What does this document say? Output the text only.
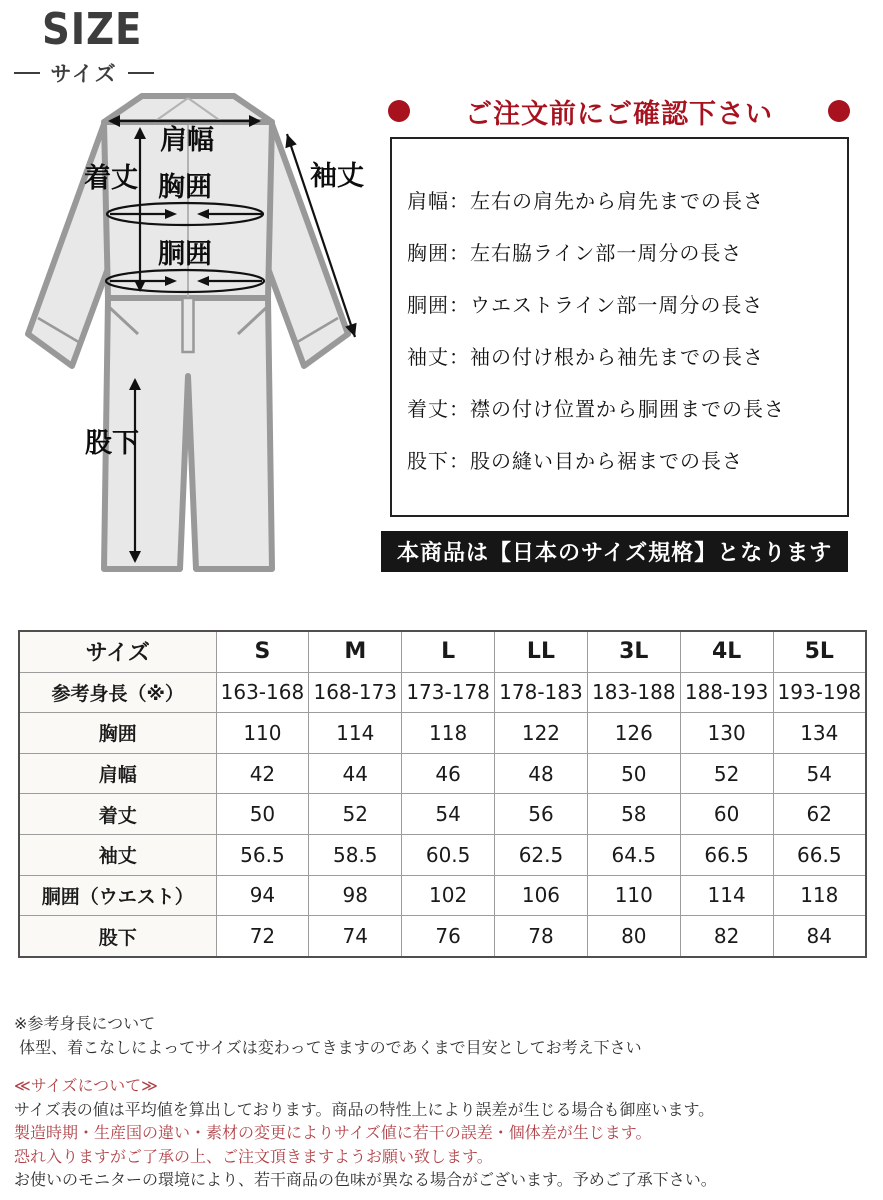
SIZE
サイズ
肩幅
着丈	袖丈
胸囲
胴囲
股下
ご注文前にご確認下さい
肩幅：左右の肩先から肩先までの長さ
胸囲：左右脇ライン部一周分の長さ
胴囲：ウエストライン部一周分の長さ
袖丈：袖の付け根から袖先までの長さ
着丈：襟の付け位置から胴囲までの長さ
股下：股の縫い目から裾までの長さ
本商品は【日本のサイズ規格】となります
サイズ	S	M	L	LL	3L	4L	5L
参考身長（※）	163-168	168-173	173-178	178-183	183-188	188-193	193-198
胸囲	110	114	118	122	126	130	134
肩幅	42	44	46	48	50	52	54
着丈	50	52	54	56	58	60	62
袖丈	56.5	58.5	60.5	62.5	64.5	66.5	66.5
胴囲（ウエスト）	94	98	102	106	110	114	118
股下	72	74	76	78	80	82	84
※参考身長について
体型、着こなしによってサイズは変わってきますのであくまで目安としてお考え下さい
≪サイズについて≫
サイズ表の値は平均値を算出しております。商品の特性上により誤差が生じる場合も御座います。
製造時期・生産国の違い・素材の変更によりサイズ値に若干の誤差・個体差が生じます。
恐れ入りますがご了承の上、ご注文頂きますようお願い致します。
お使いのモニターの環境により、若干商品の色味が異なる場合がございます。予めご了承下さい。
